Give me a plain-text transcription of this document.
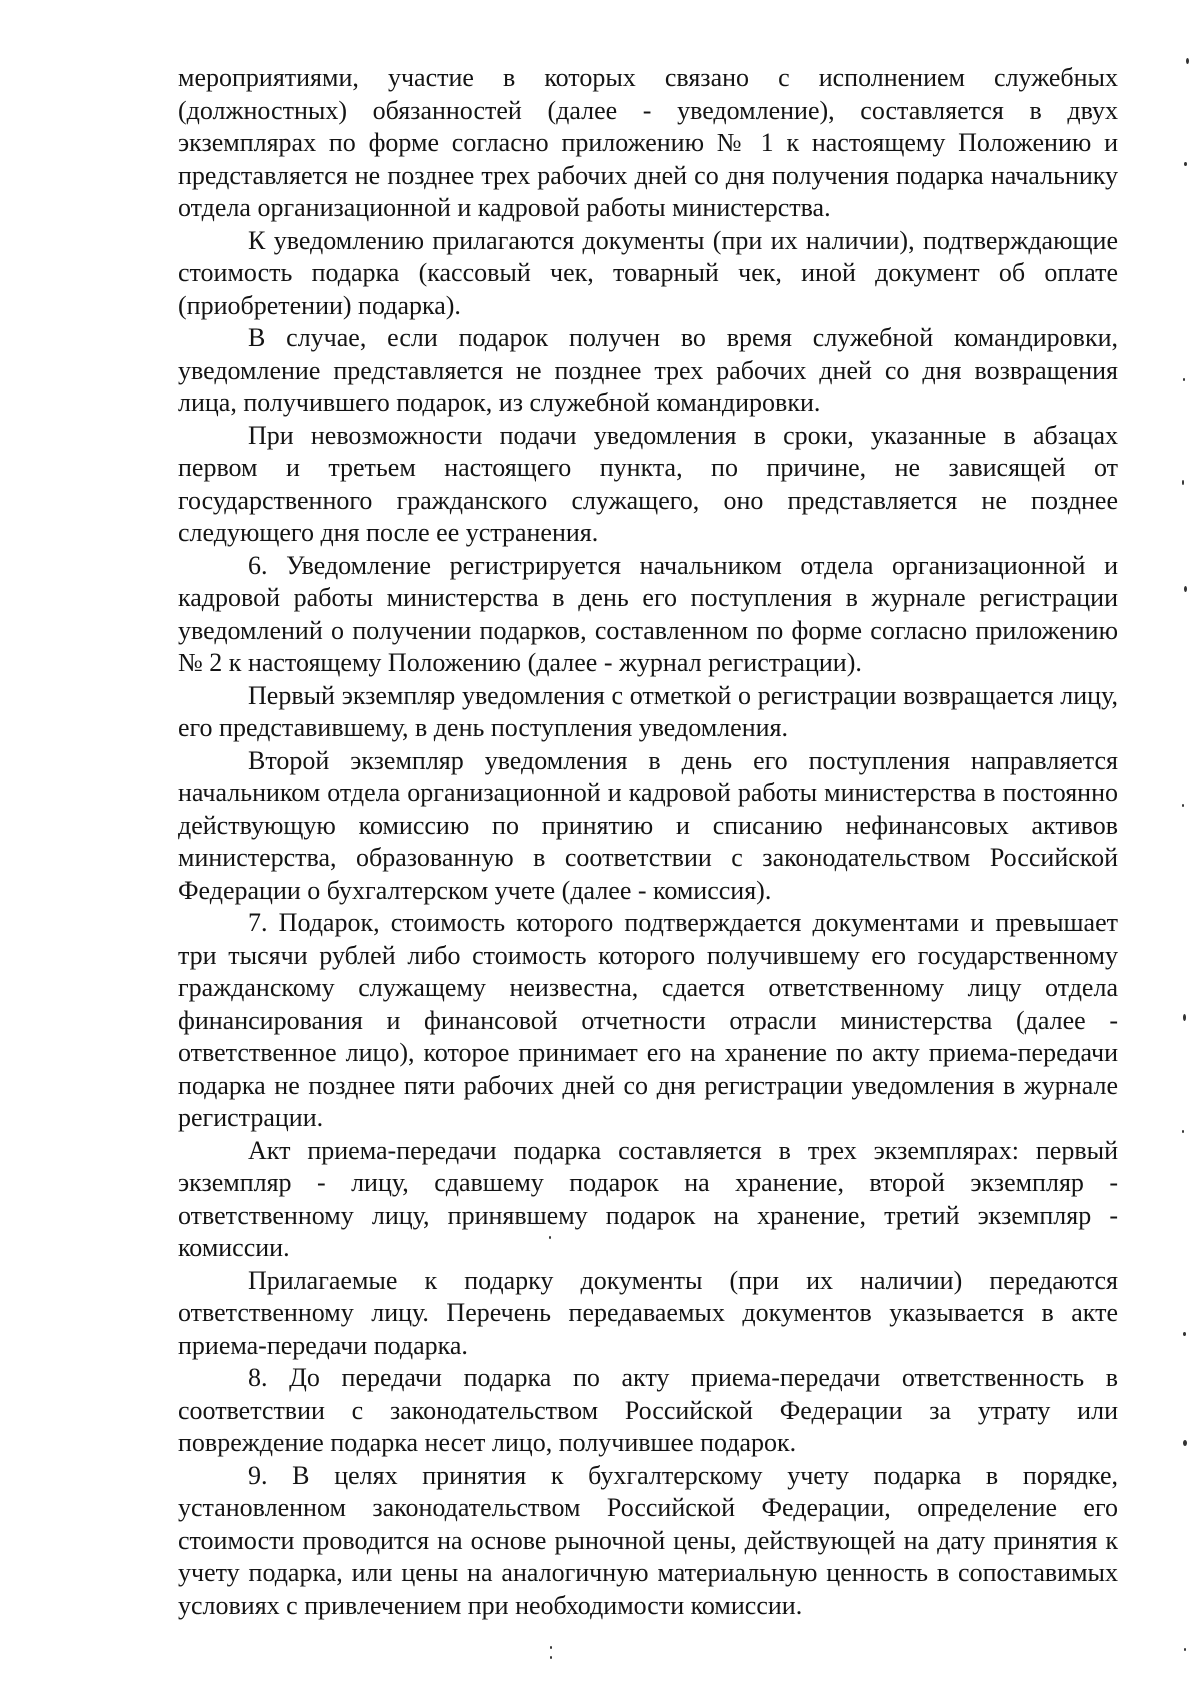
мероприятиями, участие в которых связано с исполнением служебных (должностных) обязанностей (далее - уведомление), составляется в двух экземплярах по форме согласно приложению № 1 к настоящему Положению и представляется не позднее трех рабочих дней со дня получения подарка начальнику отдела организационной и кадровой работы министерства.

К уведомлению прилагаются документы (при их наличии), подтверждающие стоимость подарка (кассовый чек, товарный чек, иной документ об оплате (приобретении) подарка).

В случае, если подарок получен во время служебной командировки, уведомление представляется не позднее трех рабочих дней со дня возвращения лица, получившего подарок, из служебной командировки.

При невозможности подачи уведомления в сроки, указанные в абзацах первом и третьем настоящего пункта, по причине, не зависящей от государственного гражданского служащего, оно представляется не позднее следующего дня после ее устранения.

6. Уведомление регистрируется начальником отдела организационной и кадровой работы министерства в день его поступления в журнале регистрации уведомлений о получении подарков, составленном по форме согласно приложению № 2 к настоящему Положению (далее - журнал регистрации).

Первый экземпляр уведомления с отметкой о регистрации возвращается лицу, его представившему, в день поступления уведомления.

Второй экземпляр уведомления в день его поступления направляется начальником отдела организационной и кадровой работы министерства в постоянно действующую комиссию по принятию и списанию нефинансовых активов министерства, образованную в соответствии с законодательством Российской Федерации о бухгалтерском учете (далее - комиссия).

7. Подарок, стоимость которого подтверждается документами и превышает три тысячи рублей либо стоимость которого получившему его государственному гражданскому служащему неизвестна, сдается ответственному лицу отдела финансирования и финансовой отчетности отрасли министерства (далее - ответственное лицо), которое принимает его на хранение по акту приема-передачи подарка не позднее пяти рабочих дней со дня регистрации уведомления в журнале регистрации.

Акт приема-передачи подарка составляется в трех экземплярах: первый экземпляр - лицу, сдавшему подарок на хранение, второй экземпляр - ответственному лицу, принявшему подарок на хранение, третий экземпляр - комиссии.

Прилагаемые к подарку документы (при их наличии) передаются ответственному лицу. Перечень передаваемых документов указывается в акте приема-передачи подарка.

8. До передачи подарка по акту приема-передачи ответственность в соответствии с законодательством Российской Федерации за утрату или повреждение подарка несет лицо, получившее подарок.

9. В целях принятия к бухгалтерскому учету подарка в порядке, установленном законодательством Российской Федерации, определение его стоимости проводится на основе рыночной цены, действующей на дату принятия к учету подарка, или цены на аналогичную материальную ценность в сопоставимых условиях с привлечением при необходимости комиссии.
